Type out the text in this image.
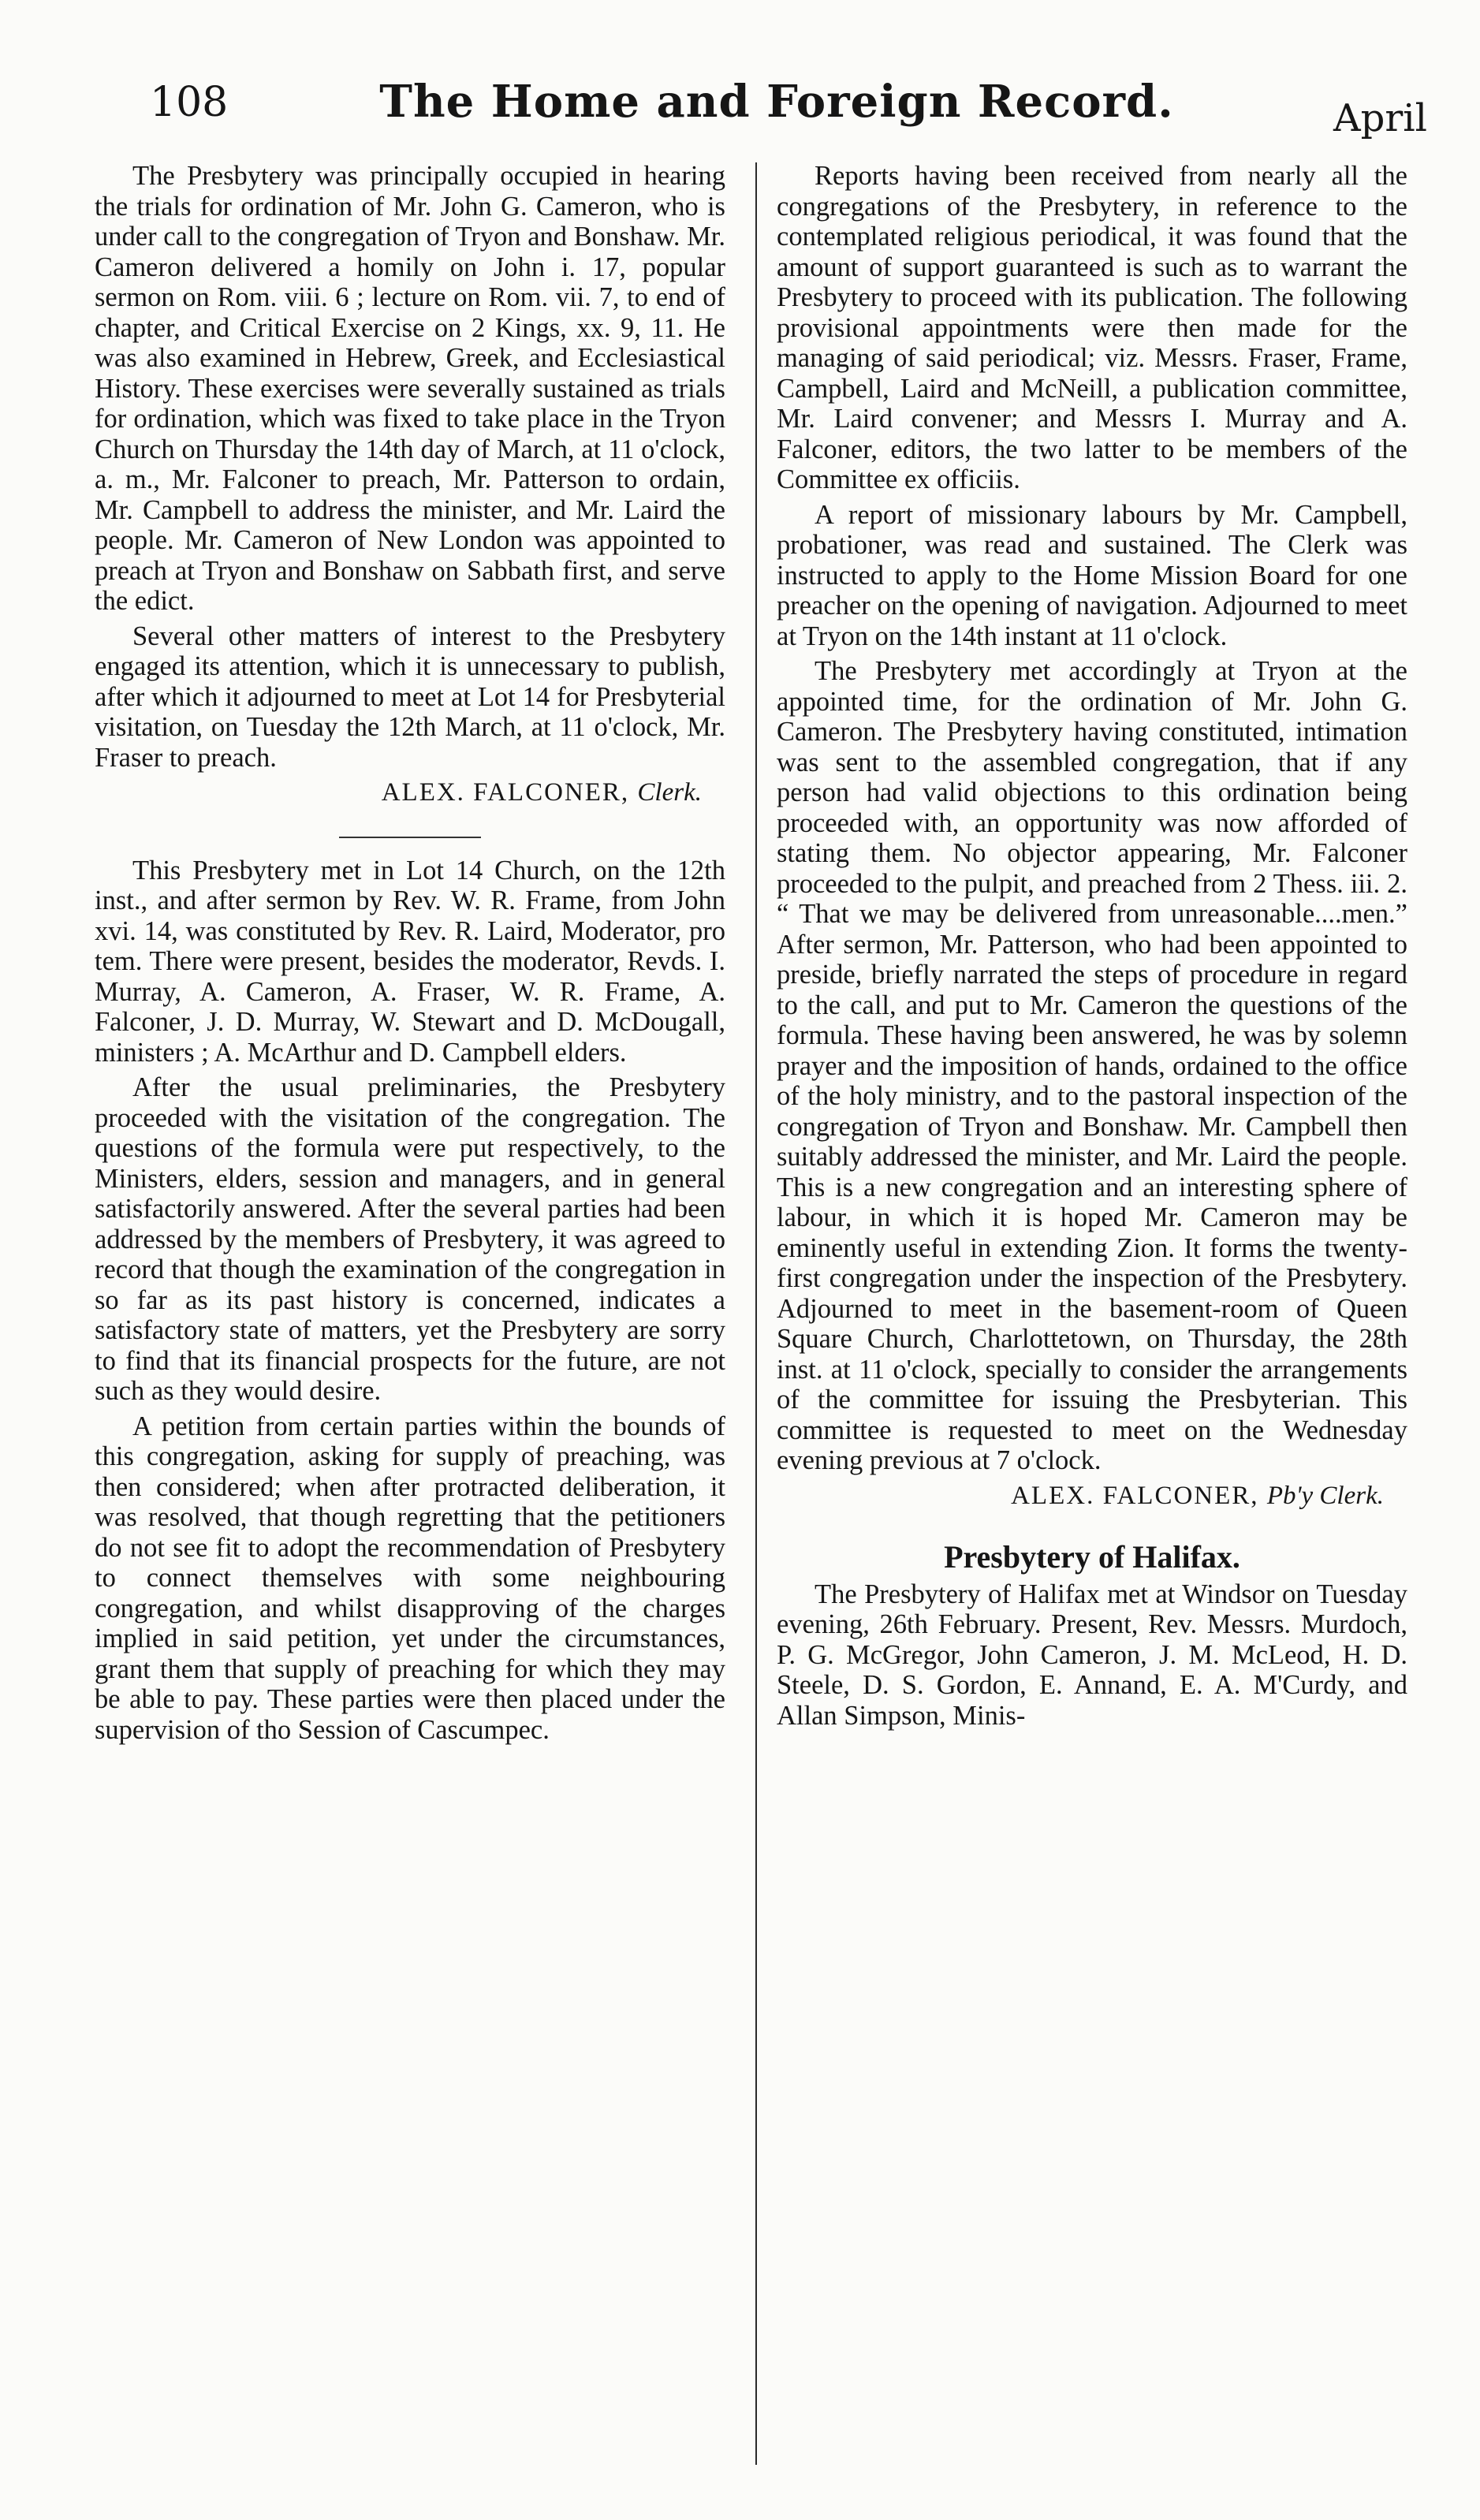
108	The Home and Foreign Record.	April

The Presbytery was principally occupied in hearing the trials for ordination of Mr. John G. Cameron, who is under call to the congregation of Tryon and Bonshaw. Mr. Cameron delivered a homily on John i. 17, popular sermon on Rom. viii. 6 ; lecture on Rom. vii. 7, to end of chapter, and Critical Exercise on 2 Kings, xx. 9, 11. He was also examined in Hebrew, Greek, and Ecclesiastical History. These exercises were severally sustained as trials for ordination, which was fixed to take place in the Tryon Church on Thursday the 14th day of March, at 11 o'clock, a. m., Mr. Falconer to preach, Mr. Patterson to ordain, Mr. Campbell to address the minister, and Mr. Laird the people. Mr. Cameron of New London was appointed to preach at Tryon and Bonshaw on Sabbath first, and serve the edict.

Several other matters of interest to the Presbytery engaged its attention, which it is unnecessary to publish, after which it adjourned to meet at Lot 14 for Presbyterial visitation, on Tuesday the 12th March, at 11 o'clock, Mr. Fraser to preach.

ALEX. FALCONER, Clerk.

This Presbytery met in Lot 14 Church, on the 12th inst., and after sermon by Rev. W. R. Frame, from John xvi. 14, was constituted by Rev. R. Laird, Moderator, pro tem. There were present, besides the moderator, Revds. I. Murray, A. Cameron, A. Fraser, W. R. Frame, A. Falconer, J. D. Murray, W. Stewart and D. McDougall, ministers ; A. McArthur and D. Campbell elders.

After the usual preliminaries, the Presbytery proceeded with the visitation of the congregation. The questions of the formula were put respectively, to the Ministers, elders, session and managers, and in general satisfactorily answered. After the several parties had been addressed by the members of Presbytery, it was agreed to record that though the examination of the congregation in so far as its past history is concerned, indicates a satisfactory state of matters, yet the Presbytery are sorry to find that its financial prospects for the future, are not such as they would desire.

A petition from certain parties within the bounds of this congregation, asking for supply of preaching, was then considered; when after protracted deliberation, it was resolved, that though regretting that the petitioners do not see fit to adopt the recommendation of Presbytery to connect themselves with some neighbouring congregation, and whilst disapproving of the charges implied in said petition, yet under the circumstances, grant them that supply of preaching for which they may be able to pay. These parties were then placed under the supervision of tho Session of Cascumpec.

Reports having been received from nearly all the congregations of the Presbytery, in reference to the contemplated religious periodical, it was found that the amount of support guaranteed is such as to warrant the Presbytery to proceed with its publication. The following provisional appointments were then made for the managing of said periodical; viz. Messrs. Fraser, Frame, Campbell, Laird and McNeill, a publication committee, Mr. Laird convener; and Messrs I. Murray and A. Falconer, editors, the two latter to be members of the Committee ex officiis.

A report of missionary labours by Mr. Campbell, probationer, was read and sustained. The Clerk was instructed to apply to the Home Mission Board for one preacher on the opening of navigation. Adjourned to meet at Tryon on the 14th instant at 11 o'clock.

The Presbytery met accordingly at Tryon at the appointed time, for the ordination of Mr. John G. Cameron. The Presbytery having constituted, intimation was sent to the assembled congregation, that if any person had valid objections to this ordination being proceeded with, an opportunity was now afforded of stating them. No objector appearing, Mr. Falconer proceeded to the pulpit, and preached from 2 Thess. iii. 2. “ That we may be delivered from unreasonable....men.” After sermon, Mr. Patterson, who had been appointed to preside, briefly narrated the steps of procedure in regard to the call, and put to Mr. Cameron the questions of the formula. These having been answered, he was by solemn prayer and the imposition of hands, ordained to the office of the holy ministry, and to the pastoral inspection of the congregation of Tryon and Bonshaw. Mr. Campbell then suitably addressed the minister, and Mr. Laird the people. This is a new congregation and an interesting sphere of labour, in which it is hoped Mr. Cameron may be eminently useful in extending Zion. It forms the twenty-first congregation under the inspection of the Presbytery. Adjourned to meet in the basement-room of Queen Square Church, Charlottetown, on Thursday, the 28th inst. at 11 o'clock, specially to consider the arrangements of the committee for issuing the Presbyterian. This committee is requested to meet on the Wednesday evening previous at 7 o'clock.

ALEX. FALCONER, Pb'y Clerk.
Presbytery of Halifax.

The Presbytery of Halifax met at Windsor on Tuesday evening, 26th February. Present, Rev. Messrs. Murdoch, P. G. McGregor, John Cameron, J. M. McLeod, H. D. Steele, D. S. Gordon, E. Annand, E. A. M'Curdy, and Allan Simpson, Minis-
